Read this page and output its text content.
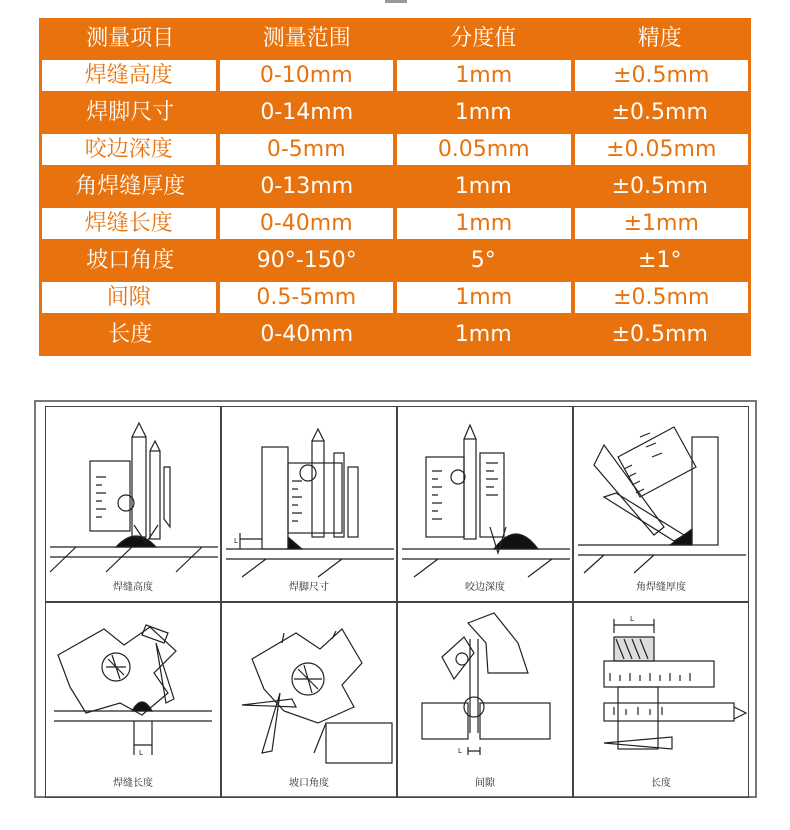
测量项目	测量范围	分度值	精度
焊缝高度	0-10mm	1mm	±0.5mm
焊脚尺寸	0-14mm	1mm	±0.5mm
咬边深度	0-5mm	0.05mm	±0.05mm
角焊缝厚度	0-13mm	1mm	±0.5mm
焊缝长度	0-40mm	1mm	±1mm
坡口角度	90°-150°	5°	±1°
间隙	0.5-5mm	1mm	±0.5mm
长度	0-40mm	1mm	±0.5mm
焊缝高度
L
焊脚尺寸	咬边深度	角焊缝厚度
L
焊缝长度	坡口角度
L
间隙
L
长度
